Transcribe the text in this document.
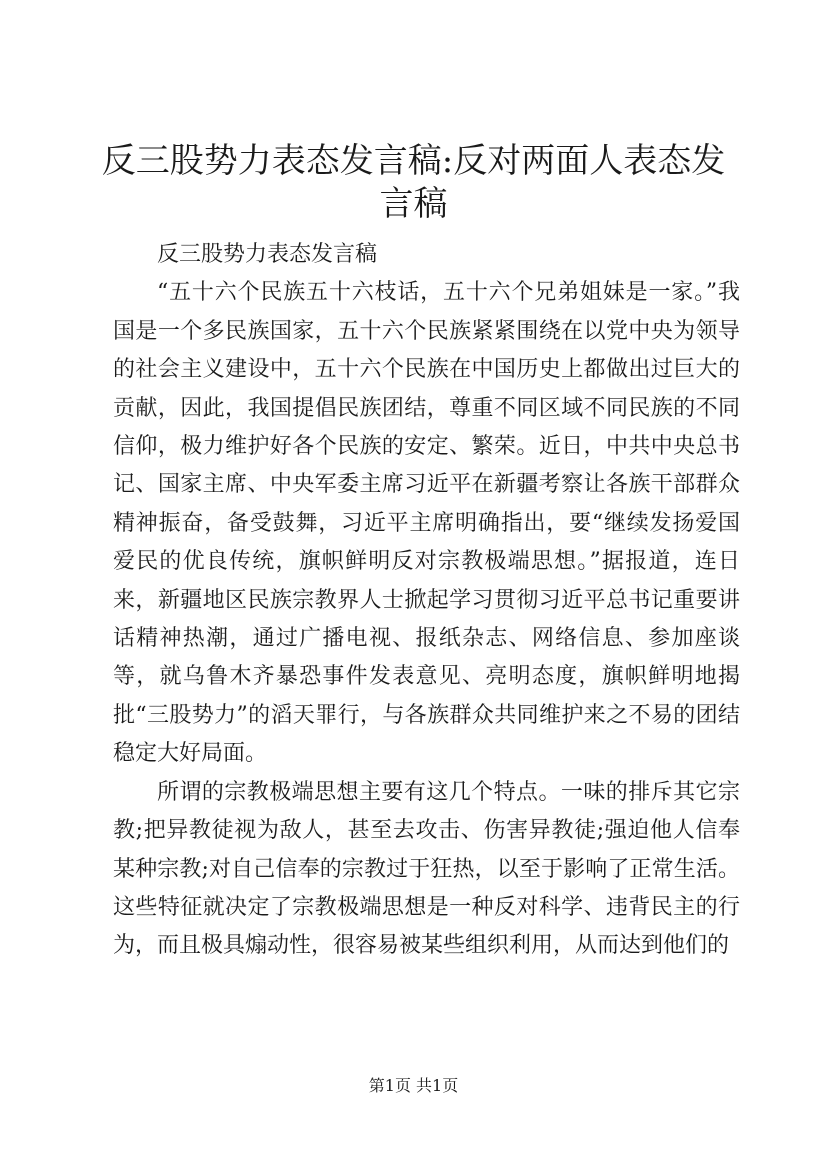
反三股势力表态发言稿:反对两面人表态发言稿

反三股势力表态发言稿

“五十六个民族五十六枝话，五十六个兄弟姐妹是一家。”我国是一个多民族国家，五十六个民族紧紧围绕在以党中央为领导的社会主义建设中，五十六个民族在中国历史上都做出过巨大的贡献，因此，我国提倡民族团结，尊重不同区域不同民族的不同信仰，极力维护好各个民族的安定、繁荣。近日，中共中央总书记、国家主席、中央军委主席习近平在新疆考察让各族干部群众精神振奋，备受鼓舞，习近平主席明确指出，要“继续发扬爱国爱民的优良传统，旗帜鲜明反对宗教极端思想。”据报道，连日来，新疆地区民族宗教界人士掀起学习贯彻习近平总书记重要讲话精神热潮，通过广播电视、报纸杂志、网络信息、参加座谈等，就乌鲁木齐暴恐事件发表意见、亮明态度，旗帜鲜明地揭批“三股势力”的滔天罪行，与各族群众共同维护来之不易的团结稳定大好局面。

所谓的宗教极端思想主要有这几个特点。一味的排斥其它宗教;把异教徒视为敌人，甚至去攻击、伤害异教徒;强迫他人信奉某种宗教;对自己信奉的宗教过于狂热，以至于影响了正常生活。这些特征就决定了宗教极端思想是一种反对科学、违背民主的行为，而且极具煽动性，很容易被某些组织利用，从而达到他们的

第1页 共1页
